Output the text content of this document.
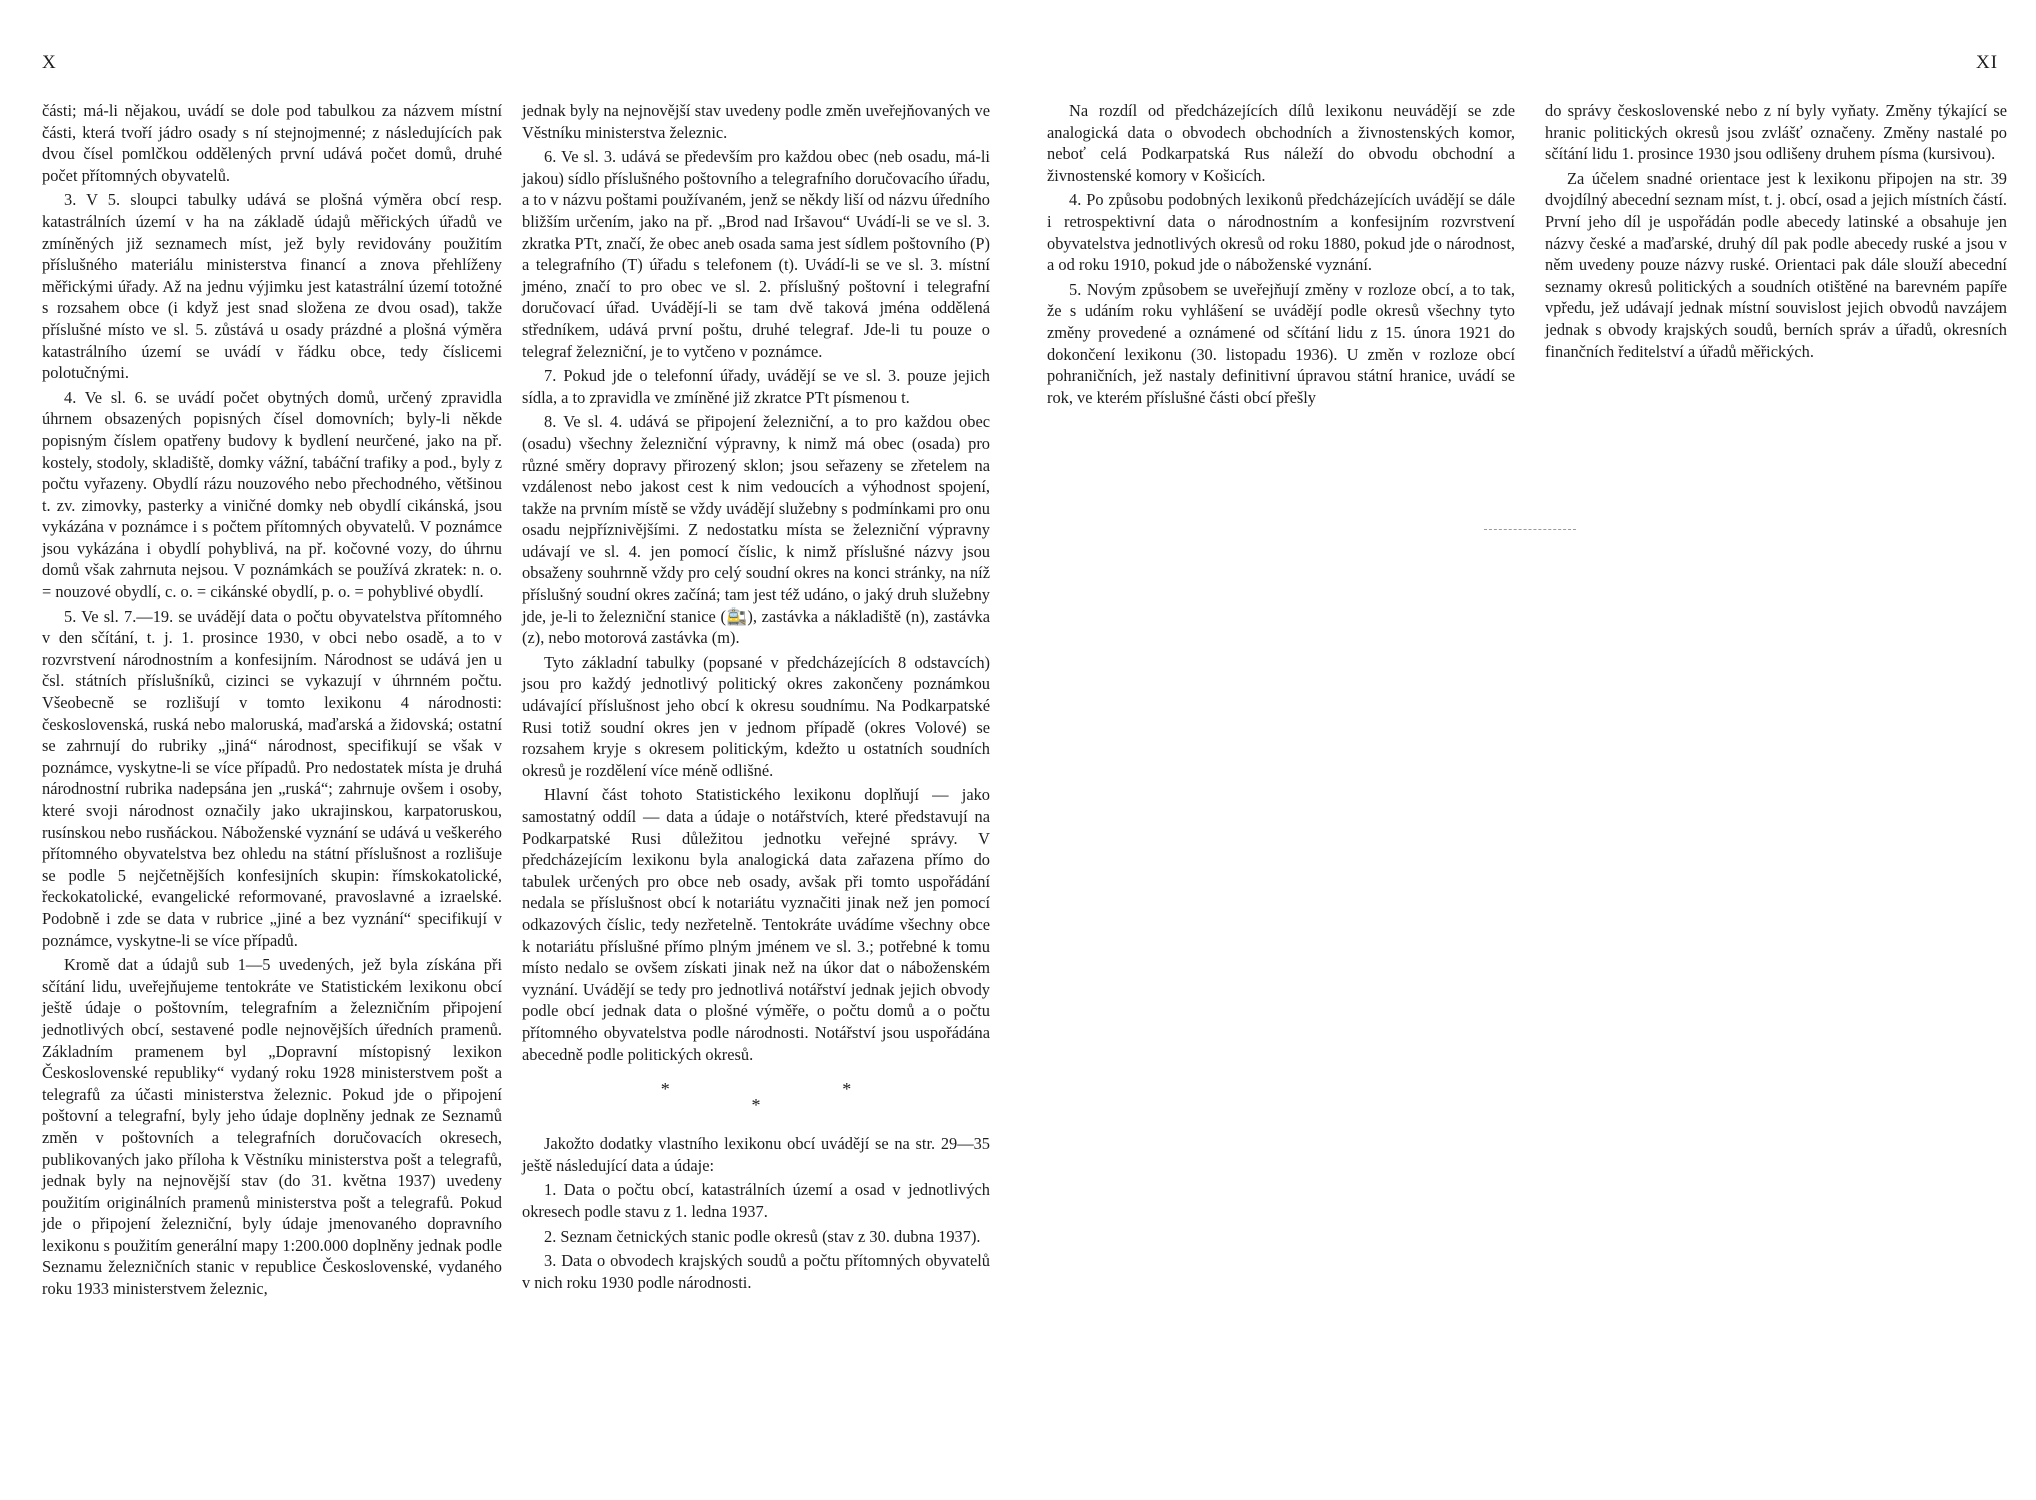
X	XI

části; má-li nějakou, uvádí se dole pod tabulkou za názvem místní části, která tvoří jádro osady s ní stejnojmenné; z následujících pak dvou čísel pomlčkou oddělených první udává počet domů, druhé počet přítomných obyvatelů.

3. V 5. sloupci tabulky udává se plošná výměra obcí resp. katastrálních území v ha na základě údajů měřických úřadů ve zmíněných již seznamech míst, jež byly revidovány použitím příslušného materiálu ministerstva financí a znova přehlíženy měřickými úřady. Až na jednu výjimku jest katastrální území totožné s rozsahem obce (i když jest snad složena ze dvou osad), takže příslušné místo ve sl. 5. zůstává u osady prázdné a plošná výměra katastrálního území se uvádí v řádku obce, tedy číslicemi polotučnými.

4. Ve sl. 6. se uvádí počet obytných domů, určený zpravidla úhrnem obsazených popisných čísel domovních; byly-li někde popisným číslem opatřeny budovy k bydlení neurčené, jako na př. kostely, stodoly, skladiště, domky vážní, tabáční trafiky a pod., byly z počtu vyřazeny. Obydlí rázu nouzového nebo přechodného, většinou t. zv. zimovky, pasterky a viničné domky neb obydlí cikánská, jsou vykázána v poznámce i s počtem přítomných obyvatelů. V poznámce jsou vykázána i obydlí pohyblivá, na př. kočovné vozy, do úhrnu domů však zahrnuta nejsou. V poznámkách se používá zkratek: n. o. = nouzové obydlí, c. o. = cikánské obydlí, p. o. = pohyblivé obydlí.

5. Ve sl. 7.—19. se uvádějí data o počtu obyvatelstva přítomného v den sčítání, t. j. 1. prosince 1930, v obci nebo osadě, a to v rozvrstvení národnostním a konfesijním. Národnost se udává jen u čsl. státních příslušníků, cizinci se vykazují v úhrnném počtu. Všeobecně se rozlišují v tomto lexikonu 4 národnosti: československá, ruská nebo maloruská, maďarská a židovská; ostatní se zahrnují do rubriky „jiná“ národnost, specifikují se však v poznámce, vyskytne-li se více případů. Pro nedostatek místa je druhá národnostní rubrika nadepsána jen „ruská“; zahrnuje ovšem i osoby, které svoji národnost označily jako ukrajinskou, karpatoruskou, rusínskou nebo rusňáckou. Náboženské vyznání se udává u veškerého přítomného obyvatelstva bez ohledu na státní příslušnost a rozlišuje se podle 5 nejčetnějších konfesijních skupin: římskokatolické, řeckokatolické, evangelické reformované, pravoslavné a izraelské. Podobně i zde se data v rubrice „jiné a bez vyznání“ specifikují v poznámce, vyskytne-li se více případů.

Kromě dat a údajů sub 1—5 uvedených, jež byla získána při sčítání lidu, uveřejňujeme tentokráte ve Statistickém lexikonu obcí ještě údaje o poštovním, telegrafním a železničním připojení jednotlivých obcí, sestavené podle nejnovějších úředních pramenů. Základním pramenem byl „Dopravní místopisný lexikon Československé republiky“ vydaný roku 1928 ministerstvem pošt a telegrafů za účasti ministerstva železnic. Pokud jde o připojení poštovní a telegrafní, byly jeho údaje doplněny jednak ze Seznamů změn v poštovních a telegrafních doručovacích okresech, publikovaných jako příloha k Věstníku ministerstva pošt a telegrafů, jednak byly na nejnovější stav (do 31. května 1937) uvedeny použitím originálních pramenů ministerstva pošt a telegrafů. Pokud jde o připojení železniční, byly údaje jmenovaného dopravního lexikonu s použitím generální mapy 1:200.000 doplněny jednak podle Seznamu železničních stanic v republice Československé, vydaného roku 1933 ministerstvem železnic,

jednak byly na nejnovější stav uvedeny podle změn uveřejňovaných ve Věstníku ministerstva železnic.

6. Ve sl. 3. udává se především pro každou obec (neb osadu, má-li jakou) sídlo příslušného poštovního a telegrafního doručovacího úřadu, a to v názvu poštami používaném, jenž se někdy liší od názvu úředního bližším určením, jako na př. „Brod nad Iršavou“ Uvádí-li se ve sl. 3. zkratka PTt, značí, že obec aneb osada sama jest sídlem poštovního (P) a telegrafního (T) úřadu s telefonem (t). Uvádí-li se ve sl. 3. místní jméno, značí to pro obec ve sl. 2. příslušný poštovní i telegrafní doručovací úřad. Uvádějí-li se tam dvě taková jména oddělená středníkem, udává první poštu, druhé telegraf. Jde-li tu pouze o telegraf železniční, je to vytčeno v poznámce.

7. Pokud jde o telefonní úřady, uvádějí se ve sl. 3. pouze jejich sídla, a to zpravidla ve zmíněné již zkratce PTt písmenou t.

8. Ve sl. 4. udává se připojení železniční, a to pro každou obec (osadu) všechny železniční výpravny, k nimž má obec (osada) pro různé směry dopravy přirozený sklon; jsou seřazeny se zřetelem na vzdálenost nebo jakost cest k nim vedoucích a výhodnost spojení, takže na prvním místě se vždy uvádějí služebny s podmínkami pro onu osadu nejpříznivějšími. Z nedostatku místa se železniční výpravny udávají ve sl. 4. jen pomocí číslic, k nimž příslušné názvy jsou obsaženy souhrnně vždy pro celý soudní okres na konci stránky, na níž příslušný soudní okres začíná; tam jest též udáno, o jaký druh služebny jde, je-li to železniční stanice (🚉), zastávka a nákladiště (n), zastávka (z), nebo motorová zastávka (m).

Tyto základní tabulky (popsané v předcházejících 8 odstavcích) jsou pro každý jednotlivý politický okres zakončeny poznámkou udávající příslušnost jeho obcí k okresu soudnímu. Na Podkarpatské Rusi totiž soudní okres jen v jednom případě (okres Volové) se rozsahem kryje s okresem politickým, kdežto u ostatních soudních okresů je rozdělení více méně odlišné.

Hlavní část tohoto Statistického lexikonu doplňují — jako samostatný oddíl — data a údaje o notářstvích, které představují na Podkarpatské Rusi důležitou jednotku veřejné správy. V předcházejícím lexikonu byla analogická data zařazena přímo do tabulek určených pro obce neb osady, avšak při tomto uspořádání nedala se příslušnost obcí k notariátu vyznačiti jinak než jen pomocí odkazových číslic, tedy nezřetelně. Tentokráte uvádíme všechny obce k notariátu příslušné přímo plným jménem ve sl. 3.; potřebné k tomu místo nedalo se ovšem získati jinak než na úkor dat o náboženském vyznání. Uvádějí se tedy pro jednotlivá notářství jednak jejich obvody podle obcí jednak data o plošné výměře, o počtu domů a o počtu přítomného obyvatelstva podle národnosti. Notářství jsou uspořádána abecedně podle politických okresů.

* * *

Jakožto dodatky vlastního lexikonu obcí uvádějí se na str. 29—35 ještě následující data a údaje:

1. Data o počtu obcí, katastrálních území a osad v jednotlivých okresech podle stavu z 1. ledna 1937.

2. Seznam četnických stanic podle okresů (stav z 30. dubna 1937).

3. Data o obvodech krajských soudů a počtu přítomných obyvatelů v nich roku 1930 podle národnosti.

Na rozdíl od předcházejících dílů lexikonu neuvádějí se zde analogická data o obvodech obchodních a živnostenských komor, neboť celá Podkarpatská Rus náleží do obvodu obchodní a živnostenské komory v Košicích.

4. Po způsobu podobných lexikonů předcházejících uvádějí se dále i retrospektivní data o národnostním a konfesijním rozvrstvení obyvatelstva jednotlivých okresů od roku 1880, pokud jde o národnost, a od roku 1910, pokud jde o náboženské vyznání.

5. Novým způsobem se uveřejňují změny v rozloze obcí, a to tak, že s udáním roku vyhlášení se uvádějí podle okresů všechny tyto změny provedené a oznámené od sčítání lidu z 15. února 1921 do dokončení lexikonu (30. listopadu 1936). U změn v rozloze obcí pohraničních, jež nastaly definitivní úpravou státní hranice, uvádí se rok, ve kterém příslušné části obcí přešly

do správy československé nebo z ní byly vyňaty. Změny týkající se hranic politických okresů jsou zvlášť označeny. Změny nastalé po sčítání lidu 1. prosince 1930 jsou odlišeny druhem písma (kursivou).

Za účelem snadné orientace jest k lexikonu připojen na str. 39 dvojdílný abecední seznam míst, t. j. obcí, osad a jejich místních částí. První jeho díl je uspořádán podle abecedy latinské a obsahuje jen názvy české a maďarské, druhý díl pak podle abecedy ruské a jsou v něm uvedeny pouze názvy ruské. Orientaci pak dále slouží abecední seznamy okresů politických a soudních otištěné na barevném papíře vpředu, jež udávají jednak místní souvislost jejich obvodů navzájem jednak s obvody krajských soudů, berních správ a úřadů, okresních finančních ředitelství a úřadů měřických.
